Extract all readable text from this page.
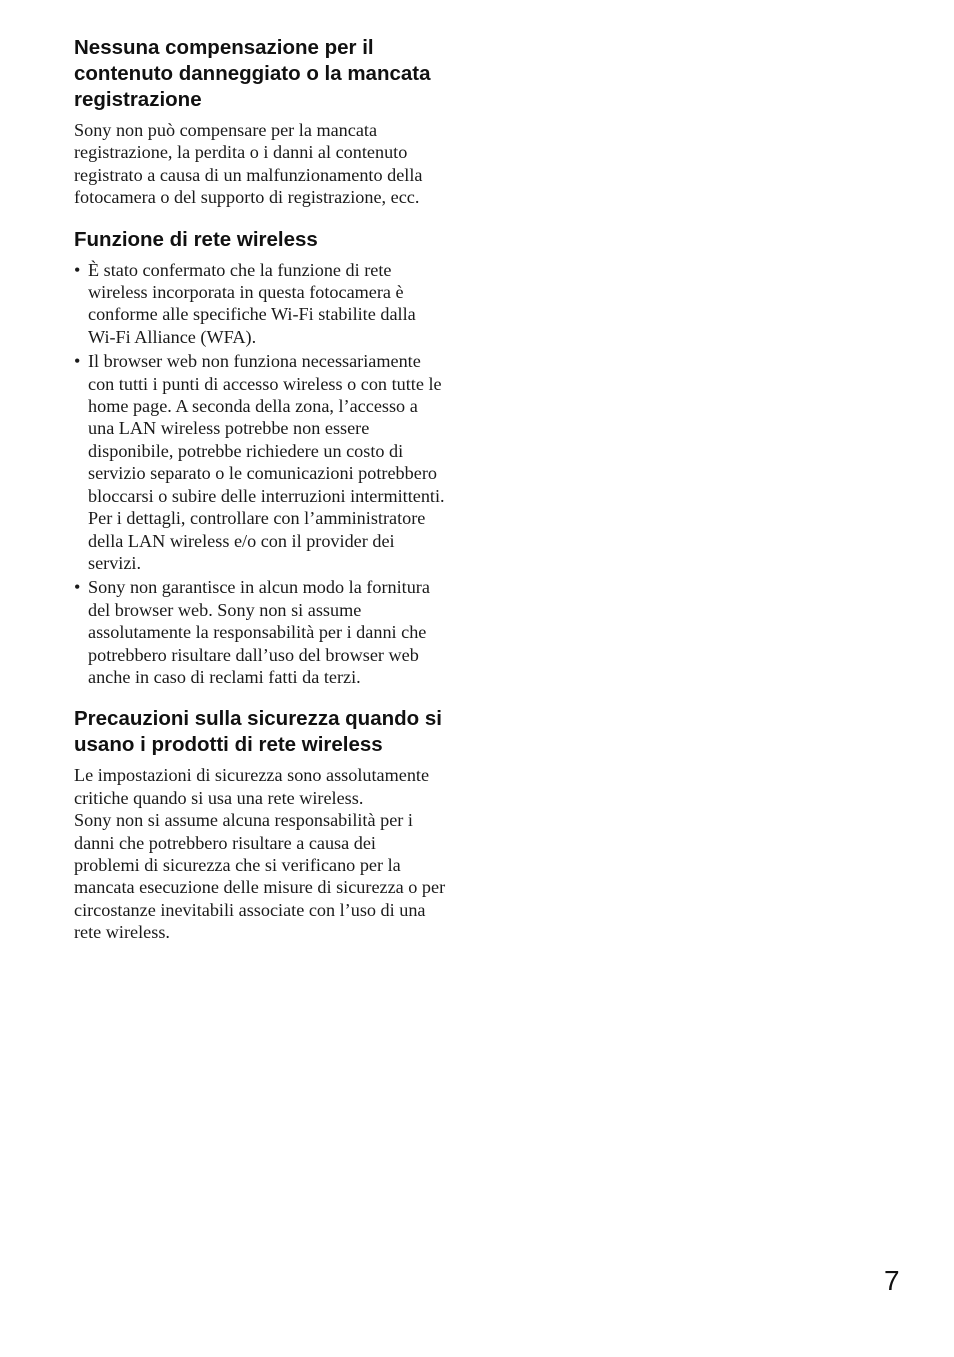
Nessuna compensazione per il contenuto danneggiato o la mancata registrazione

Sony non può compensare per la mancata registrazione, la perdita o i danni al contenuto registrato a causa di un malfunzionamento della fotocamera o del supporto di registrazione, ecc.

Funzione di rete wireless
• È stato confermato che la funzione di rete wireless incorporata in questa fotocamera è conforme alle specifiche Wi-Fi stabilite dalla Wi-Fi Alliance (WFA).
• Il browser web non funziona necessariamente con tutti i punti di accesso wireless o con tutte le home page. A seconda della zona, l’accesso a una LAN wireless potrebbe non essere disponibile, potrebbe richiedere un costo di servizio separato o le comunicazioni potrebbero bloccarsi o subire delle interruzioni intermittenti. Per i dettagli, controllare con l’amministratore della LAN wireless e/o con il provider dei servizi.
• Sony non garantisce in alcun modo la fornitura del browser web. Sony non si assume assolutamente la responsabilità per i danni che potrebbero risultare dall’uso del browser web anche in caso di reclami fatti da terzi.
Precauzioni sulla sicurezza quando si usano i prodotti di rete wireless

Le impostazioni di sicurezza sono assolutamente critiche quando si usa una rete wireless.

Sony non si assume alcuna responsabilità per i danni che potrebbero risultare a causa dei problemi di sicurezza che si verificano per la mancata esecuzione delle misure di sicurezza o per circostanze inevitabili associate con l’uso di una rete wireless.

7
